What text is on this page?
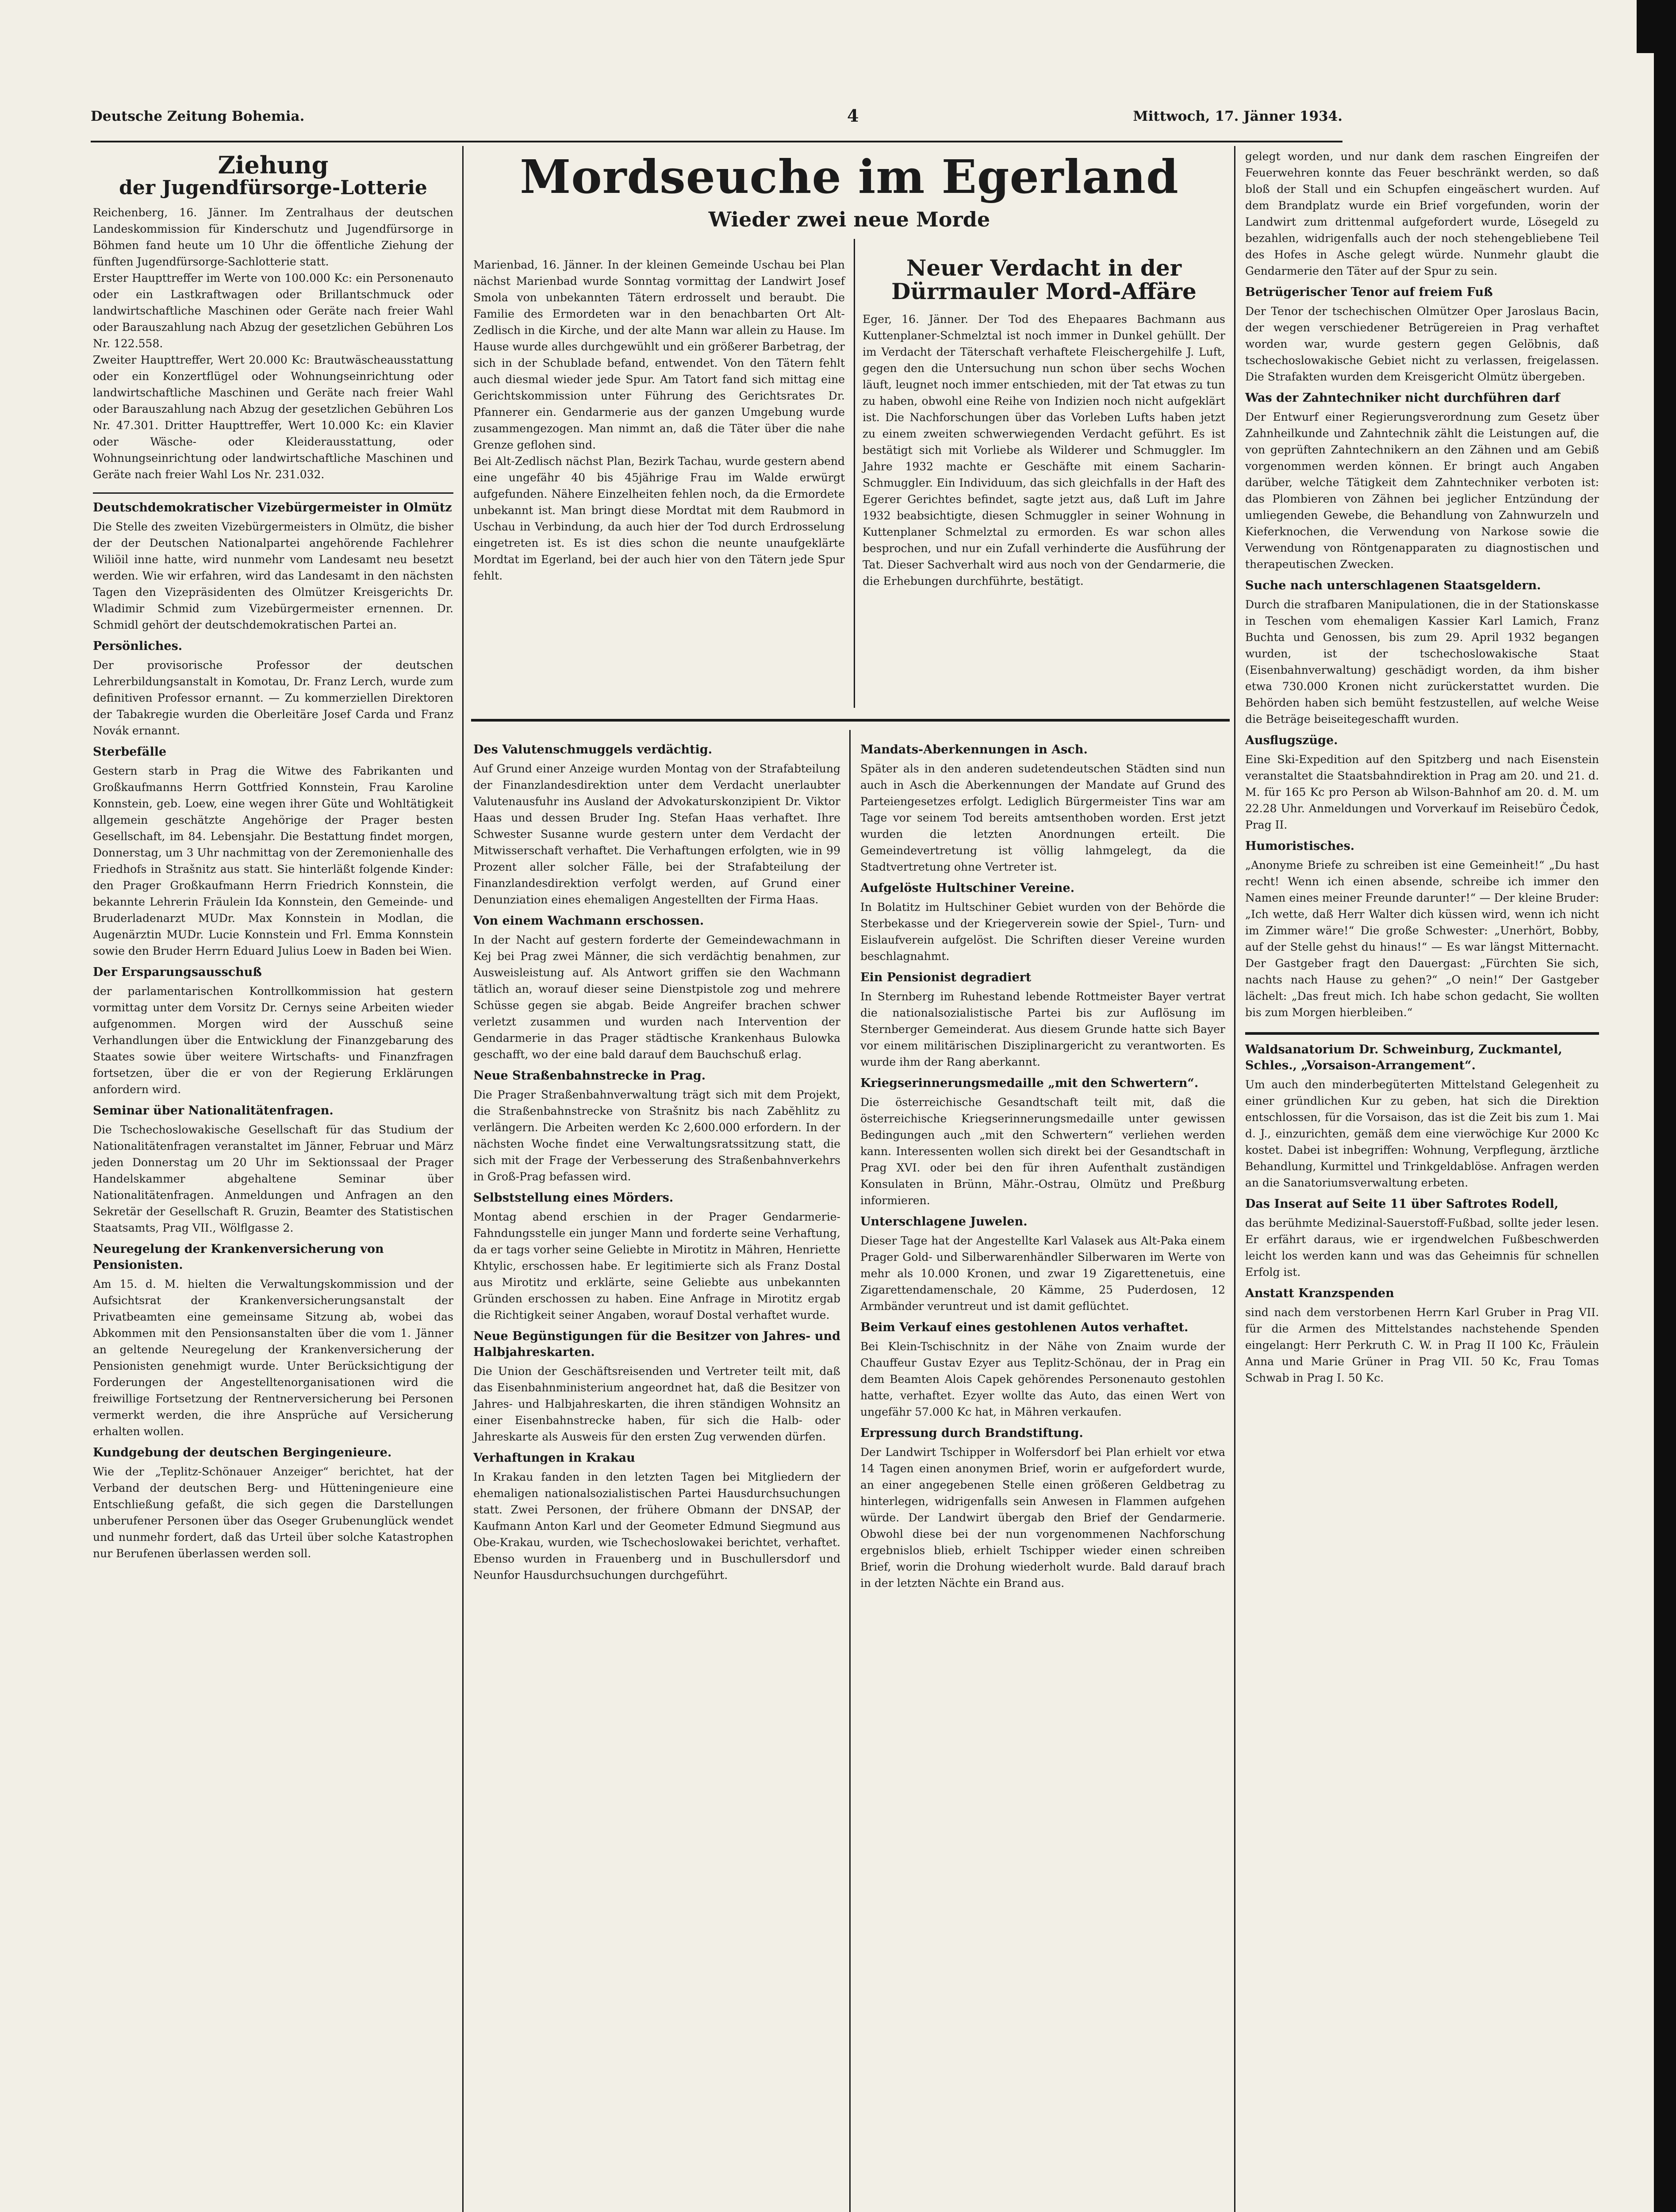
Deutsche Zeitung Bohemia.	4	Mittwoch, 17. Jänner 1934.
Ziehung
der Jugendfürsorge-Lotterie

Reichenberg, 16. Jänner. Im Zentralhaus der deutschen Landeskommission für Kinderschutz und Jugendfürsorge in Böhmen fand heute um 10 Uhr die öffentliche Ziehung der fünften Jugendfürsorge-Sachlotterie statt.

Erster Haupttreffer im Werte von 100.000 Kc: ein Personenauto oder ein Lastkraftwagen oder Brillantschmuck oder landwirtschaftliche Maschinen oder Geräte nach freier Wahl oder Barauszahlung nach Abzug der gesetzlichen Gebühren Los Nr. 122.558.

Zweiter Haupttreffer, Wert 20.000 Kc: Brautwäscheausstattung oder ein Konzertflügel oder Wohnungseinrichtung oder landwirtschaftliche Maschinen und Geräte nach freier Wahl oder Barauszahlung nach Abzug der gesetzlichen Gebühren Los Nr. 47.301. Dritter Haupttreffer, Wert 10.000 Kc: ein Klavier oder Wäsche- oder Kleiderausstattung, oder Wohnungseinrichtung oder landwirtschaftliche Maschinen und Geräte nach freier Wahl Los Nr. 231.032.

Deutschdemokratischer Vizebürgermeister in Olmütz

Die Stelle des zweiten Vizebürgermeisters in Olmütz, die bisher der der Deutschen Nationalpartei angehörende Fachlehrer Wiliöil inne hatte, wird nunmehr vom Landesamt neu besetzt werden. Wie wir erfahren, wird das Landesamt in den nächsten Tagen den Vizepräsidenten des Olmützer Kreisgerichts Dr. Wladimir Schmid zum Vizebürgermeister ernennen. Dr. Schmidl gehört der deutschdemokratischen Partei an.

Persönliches.

Der provisorische Professor der deutschen Lehrerbildungsanstalt in Komotau, Dr. Franz Lerch, wurde zum definitiven Professor ernannt. — Zu kommerziellen Direktoren der Tabakregie wurden die Oberleitäre Josef Carda und Franz Novák ernannt.

Sterbefälle

Gestern starb in Prag die Witwe des Fabrikanten und Großkaufmanns Herrn Gottfried Konnstein, Frau Karoline Konnstein, geb. Loew, eine wegen ihrer Güte und Wohltätigkeit allgemein geschätzte Angehörige der Prager besten Gesellschaft, im 84. Lebensjahr. Die Bestattung findet morgen, Donnerstag, um 3 Uhr nachmittag von der Zeremonienhalle des Friedhofs in Strašnitz aus statt. Sie hinterläßt folgende Kinder: den Prager Großkaufmann Herrn Friedrich Konnstein, die bekannte Lehrerin Fräulein Ida Konnstein, den Gemeinde- und Bruderladenarzt MUDr. Max Konnstein in Modlan, die Augenärztin MUDr. Lucie Konnstein und Frl. Emma Konnstein sowie den Bruder Herrn Eduard Julius Loew in Baden bei Wien.

Der Ersparungsausschuß

der parlamentarischen Kontrollkommission hat gestern vormittag unter dem Vorsitz Dr. Cernys seine Arbeiten wieder aufgenommen. Morgen wird der Ausschuß seine Verhandlungen über die Entwicklung der Finanzgebarung des Staates sowie über weitere Wirtschafts- und Finanzfragen fortsetzen, über die er von der Regierung Erklärungen anfordern wird.

Seminar über Nationalitätenfragen.

Die Tschechoslowakische Gesellschaft für das Studium der Nationalitätenfragen veranstaltet im Jänner, Februar und März jeden Donnerstag um 20 Uhr im Sektionssaal der Prager Handelskammer abgehaltene Seminar über Nationalitätenfragen. Anmeldungen und Anfragen an den Sekretär der Gesellschaft R. Gruzin, Beamter des Statistischen Staatsamts, Prag VII., Wölflgasse 2.

Neuregelung der Krankenversicherung von Pensionisten.

Am 15. d. M. hielten die Verwaltungskommission und der Aufsichtsrat der Krankenversicherungsanstalt der Privatbeamten eine gemeinsame Sitzung ab, wobei das Abkommen mit den Pensionsanstalten über die vom 1. Jänner an geltende Neuregelung der Krankenversicherung der Pensionisten genehmigt wurde. Unter Berücksichtigung der Forderungen der Angestelltenorganisationen wird die freiwillige Fortsetzung der Rentnerversicherung bei Personen vermerkt werden, die ihre Ansprüche auf Versicherung erhalten wollen.

Kundgebung der deutschen Bergingenieure.

Wie der „Teplitz-Schönauer Anzeiger“ berichtet, hat der Verband der deutschen Berg- und Hütteningenieure eine Entschließung gefaßt, die sich gegen die Darstellungen unberufener Personen über das Oseger Grubenunglück wendet und nunmehr fordert, daß das Urteil über solche Katastrophen nur Berufenen überlassen werden soll.

Mordseuche im Egerland
Wieder zwei neue Morde

Marienbad, 16. Jänner. In der kleinen Gemeinde Uschau bei Plan nächst Marienbad wurde Sonntag vormittag der Landwirt Josef Smola von unbekannten Tätern erdrosselt und beraubt. Die Familie des Ermordeten war in den benachbarten Ort Alt-Zedlisch in die Kirche, und der alte Mann war allein zu Hause. Im Hause wurde alles durchgewühlt und ein größerer Barbetrag, der sich in der Schublade befand, entwendet. Von den Tätern fehlt auch diesmal wieder jede Spur. Am Tatort fand sich mittag eine Gerichtskommission unter Führung des Gerichtsrates Dr. Pfannerer ein. Gendarmerie aus der ganzen Umgebung wurde zusammengezogen. Man nimmt an, daß die Täter über die nahe Grenze geflohen sind.

Bei Alt-Zedlisch nächst Plan, Bezirk Tachau, wurde gestern abend eine ungefähr 40 bis 45jährige Frau im Walde erwürgt aufgefunden. Nähere Einzelheiten fehlen noch, da die Ermordete unbekannt ist. Man bringt diese Mordtat mit dem Raubmord in Uschau in Verbindung, da auch hier der Tod durch Erdrosselung eingetreten ist. Es ist dies schon die neunte unaufgeklärte Mordtat im Egerland, bei der auch hier von den Tätern jede Spur fehlt.

Neuer Verdacht in der Dürrmauler Mord-Affäre

Eger, 16. Jänner. Der Tod des Ehepaares Bachmann aus Kuttenplaner-Schmelztal ist noch immer in Dunkel gehüllt. Der im Verdacht der Täterschaft verhaftete Fleischergehilfe J. Luft, gegen den die Untersuchung nun schon über sechs Wochen läuft, leugnet noch immer entschieden, mit der Tat etwas zu tun zu haben, obwohl eine Reihe von Indizien noch nicht aufgeklärt ist. Die Nachforschungen über das Vorleben Lufts haben jetzt zu einem zweiten schwerwiegenden Verdacht geführt. Es ist bestätigt sich mit Vorliebe als Wilderer und Schmuggler. Im Jahre 1932 machte er Geschäfte mit einem Sacharin-Schmuggler. Ein Individuum, das sich gleichfalls in der Haft des Egerer Gerichtes befindet, sagte jetzt aus, daß Luft im Jahre 1932 beabsichtigte, diesen Schmuggler in seiner Wohnung in Kuttenplaner Schmelztal zu ermorden. Es war schon alles besprochen, und nur ein Zufall verhinderte die Ausführung der Tat. Dieser Sachverhalt wird aus noch von der Gendarmerie, die die Erhebungen durchführte, bestätigt.

Des Valutenschmuggels verdächtig.

Auf Grund einer Anzeige wurden Montag von der Strafabteilung der Finanzlandesdirektion unter dem Verdacht unerlaubter Valutenausfuhr ins Ausland der Advokaturskonzipient Dr. Viktor Haas und dessen Bruder Ing. Stefan Haas verhaftet. Ihre Schwester Susanne wurde gestern unter dem Verdacht der Mitwisserschaft verhaftet. Die Verhaftungen erfolgten, wie in 99 Prozent aller solcher Fälle, bei der Strafabteilung der Finanzlandesdirektion verfolgt werden, auf Grund einer Denunziation eines ehemaligen Angestellten der Firma Haas.

Von einem Wachmann erschossen.

In der Nacht auf gestern forderte der Gemeindewachmann in Kej bei Prag zwei Männer, die sich verdächtig benahmen, zur Ausweisleistung auf. Als Antwort griffen sie den Wachmann tätlich an, worauf dieser seine Dienstpistole zog und mehrere Schüsse gegen sie abgab. Beide Angreifer brachen schwer verletzt zusammen und wurden nach Intervention der Gendarmerie in das Prager städtische Krankenhaus Bulowka geschafft, wo der eine bald darauf dem Bauchschuß erlag.

Neue Straßenbahnstrecke in Prag.

Die Prager Straßenbahnverwaltung trägt sich mit dem Projekt, die Straßenbahnstrecke von Strašnitz bis nach Zabĕhlitz zu verlängern. Die Arbeiten werden Kc 2,600.000 erfordern. In der nächsten Woche findet eine Verwaltungsratssitzung statt, die sich mit der Frage der Verbesserung des Straßenbahnverkehrs in Groß-Prag befassen wird.

Selbststellung eines Mörders.

Montag abend erschien in der Prager Gendarmerie-Fahndungsstelle ein junger Mann und forderte seine Verhaftung, da er tags vorher seine Geliebte in Mirotitz in Mähren, Henriette Khtylic, erschossen habe. Er legitimierte sich als Franz Dostal aus Mirotitz und erklärte, seine Geliebte aus unbekannten Gründen erschossen zu haben. Eine Anfrage in Mirotitz ergab die Richtigkeit seiner Angaben, worauf Dostal verhaftet wurde.

Neue Begünstigungen für die Besitzer von Jahres- und Halbjahreskarten.

Die Union der Geschäftsreisenden und Vertreter teilt mit, daß das Eisenbahnministerium angeordnet hat, daß die Besitzer von Jahres- und Halbjahreskarten, die ihren ständigen Wohnsitz an einer Eisenbahnstrecke haben, für sich die Halb- oder Jahreskarte als Ausweis für den ersten Zug verwenden dürfen.

Verhaftungen in Krakau

In Krakau fanden in den letzten Tagen bei Mitgliedern der ehemaligen nationalsozialistischen Partei Hausdurchsuchungen statt. Zwei Personen, der frühere Obmann der DNSAP, der Kaufmann Anton Karl und der Geometer Edmund Siegmund aus Obe-Krakau, wurden, wie Tschechoslowakei berichtet, verhaftet. Ebenso wurden in Frauenberg und in Buschullersdorf und Neunfor Hausdurchsuchungen durchgeführt.

Mandats-Aberkennungen in Asch.

Später als in den anderen sudetendeutschen Städten sind nun auch in Asch die Aberkennungen der Mandate auf Grund des Parteiengesetzes erfolgt. Lediglich Bürgermeister Tins war am Tage vor seinem Tod bereits amtsenthoben worden. Erst jetzt wurden die letzten Anordnungen erteilt. Die Gemeindevertretung ist völlig lahmgelegt, da die Stadtvertretung ohne Vertreter ist.

Aufgelöste Hultschiner Vereine.

In Bolatitz im Hultschiner Gebiet wurden von der Behörde die Sterbekasse und der Kriegerverein sowie der Spiel-, Turn- und Eislaufverein aufgelöst. Die Schriften dieser Vereine wurden beschlagnahmt.

Ein Pensionist degradiert

In Sternberg im Ruhestand lebende Rottmeister Bayer vertrat die nationalsozialistische Partei bis zur Auflösung im Sternberger Gemeinderat. Aus diesem Grunde hatte sich Bayer vor einem militärischen Disziplinargericht zu verantworten. Es wurde ihm der Rang aberkannt.

Kriegserinnerungsmedaille „mit den Schwertern“.

Die österreichische Gesandtschaft teilt mit, daß die österreichische Kriegserinnerungsmedaille unter gewissen Bedingungen auch „mit den Schwertern“ verliehen werden kann. Interessenten wollen sich direkt bei der Gesandtschaft in Prag XVI. oder bei den für ihren Aufenthalt zuständigen Konsulaten in Brünn, Mähr.-Ostrau, Olmütz und Preßburg informieren.

Unterschlagene Juwelen.

Dieser Tage hat der Angestellte Karl Valasek aus Alt-Paka einem Prager Gold- und Silberwarenhändler Silberwaren im Werte von mehr als 10.000 Kronen, und zwar 19 Zigarettenetuis, eine Zigarettendamenschale, 20 Kämme, 25 Puderdosen, 12 Armbänder veruntreut und ist damit geflüchtet.

Beim Verkauf eines gestohlenen Autos verhaftet.

Bei Klein-Tschischnitz in der Nähe von Znaim wurde der Chauffeur Gustav Ezyer aus Teplitz-Schönau, der in Prag ein dem Beamten Alois Capek gehörendes Personenauto gestohlen hatte, verhaftet. Ezyer wollte das Auto, das einen Wert von ungefähr 57.000 Kc hat, in Mähren verkaufen.

Erpressung durch Brandstiftung.

Der Landwirt Tschipper in Wolfersdorf bei Plan erhielt vor etwa 14 Tagen einen anonymen Brief, worin er aufgefordert wurde, an einer angegebenen Stelle einen größeren Geldbetrag zu hinterlegen, widrigenfalls sein Anwesen in Flammen aufgehen würde. Der Landwirt übergab den Brief der Gendarmerie. Obwohl diese bei der nun vorgenommenen Nachforschung ergebnislos blieb, erhielt Tschipper wieder einen schreiben Brief, worin die Drohung wiederholt wurde. Bald darauf brach in der letzten Nächte ein Brand aus.

gelegt worden, und nur dank dem raschen Eingreifen der Feuerwehren konnte das Feuer beschränkt werden, so daß bloß der Stall und ein Schupfen eingeäschert wurden. Auf dem Brandplatz wurde ein Brief vorgefunden, worin der Landwirt zum drittenmal aufgefordert wurde, Lösegeld zu bezahlen, widrigenfalls auch der noch stehengebliebene Teil des Hofes in Asche gelegt würde. Nunmehr glaubt die Gendarmerie den Täter auf der Spur zu sein.

Betrügerischer Tenor auf freiem Fuß

Der Tenor der tschechischen Olmützer Oper Jaroslaus Bacin, der wegen verschiedener Betrügereien in Prag verhaftet worden war, wurde gestern gegen Gelöbnis, daß tschechoslowakische Gebiet nicht zu verlassen, freigelassen. Die Strafakten wurden dem Kreisgericht Olmütz übergeben.

Was der Zahntechniker nicht durchführen darf

Der Entwurf einer Regierungsverordnung zum Gesetz über Zahnheilkunde und Zahntechnik zählt die Leistungen auf, die von geprüften Zahntechnikern an den Zähnen und am Gebiß vorgenommen werden können. Er bringt auch Angaben darüber, welche Tätigkeit dem Zahntechniker verboten ist: das Plombieren von Zähnen bei jeglicher Entzündung der umliegenden Gewebe, die Behandlung von Zahnwurzeln und Kieferknochen, die Verwendung von Narkose sowie die Verwendung von Röntgenapparaten zu diagnostischen und therapeutischen Zwecken.

Suche nach unterschlagenen Staatsgeldern.

Durch die strafbaren Manipulationen, die in der Stationskasse in Teschen vom ehemaligen Kassier Karl Lamich, Franz Buchta und Genossen, bis zum 29. April 1932 begangen wurden, ist der tschechoslowakische Staat (Eisenbahnverwaltung) geschädigt worden, da ihm bisher etwa 730.000 Kronen nicht zurückerstattet wurden. Die Behörden haben sich bemüht festzustellen, auf welche Weise die Beträge beiseitegeschafft wurden.

Ausflugszüge.

Eine Ski-Expedition auf den Spitzberg und nach Eisenstein veranstaltet die Staatsbahndirektion in Prag am 20. und 21. d. M. für 165 Kc pro Person ab Wilson-Bahnhof am 20. d. M. um 22.28 Uhr. Anmeldungen und Vorverkauf im Reisebüro Čedok, Prag II.

Humoristisches.

„Anonyme Briefe zu schreiben ist eine Gemeinheit!“ „Du hast recht! Wenn ich einen absende, schreibe ich immer den Namen eines meiner Freunde darunter!“ — Der kleine Bruder: „Ich wette, daß Herr Walter dich küssen wird, wenn ich nicht im Zimmer wäre!“ Die große Schwester: „Unerhört, Bobby, auf der Stelle gehst du hinaus!“ — Es war längst Mitternacht. Der Gastgeber fragt den Dauergast: „Fürchten Sie sich, nachts nach Hause zu gehen?“ „O nein!“ Der Gastgeber lächelt: „Das freut mich. Ich habe schon gedacht, Sie wollten bis zum Morgen hierbleiben.“

Waldsanatorium Dr. Schweinburg, Zuckmantel, Schles., „Vorsaison-Arrangement“.

Um auch den minderbegüterten Mittelstand Gelegenheit zu einer gründlichen Kur zu geben, hat sich die Direktion entschlossen, für die Vorsaison, das ist die Zeit bis zum 1. Mai d. J., einzurichten, gemäß dem eine vierwöchige Kur 2000 Kc kostet. Dabei ist inbegriffen: Wohnung, Verpflegung, ärztliche Behandlung, Kurmittel und Trinkgeldablöse. Anfragen werden an die Sanatoriumsverwaltung erbeten.

Das Inserat auf Seite 11 über Saftrotes Rodell,

das berühmte Medizinal-Sauerstoff-Fußbad, sollte jeder lesen. Er erfährt daraus, wie er irgendwelchen Fußbeschwerden leicht los werden kann und was das Geheimnis für schnellen Erfolg ist.

Anstatt Kranzspenden

sind nach dem verstorbenen Herrn Karl Gruber in Prag VII. für die Armen des Mittelstandes nachstehende Spenden eingelangt: Herr Perkruth C. W. in Prag II 100 Kc, Fräulein Anna und Marie Grüner in Prag VII. 50 Kc, Frau Tomas Schwab in Prag I. 50 Kc.
